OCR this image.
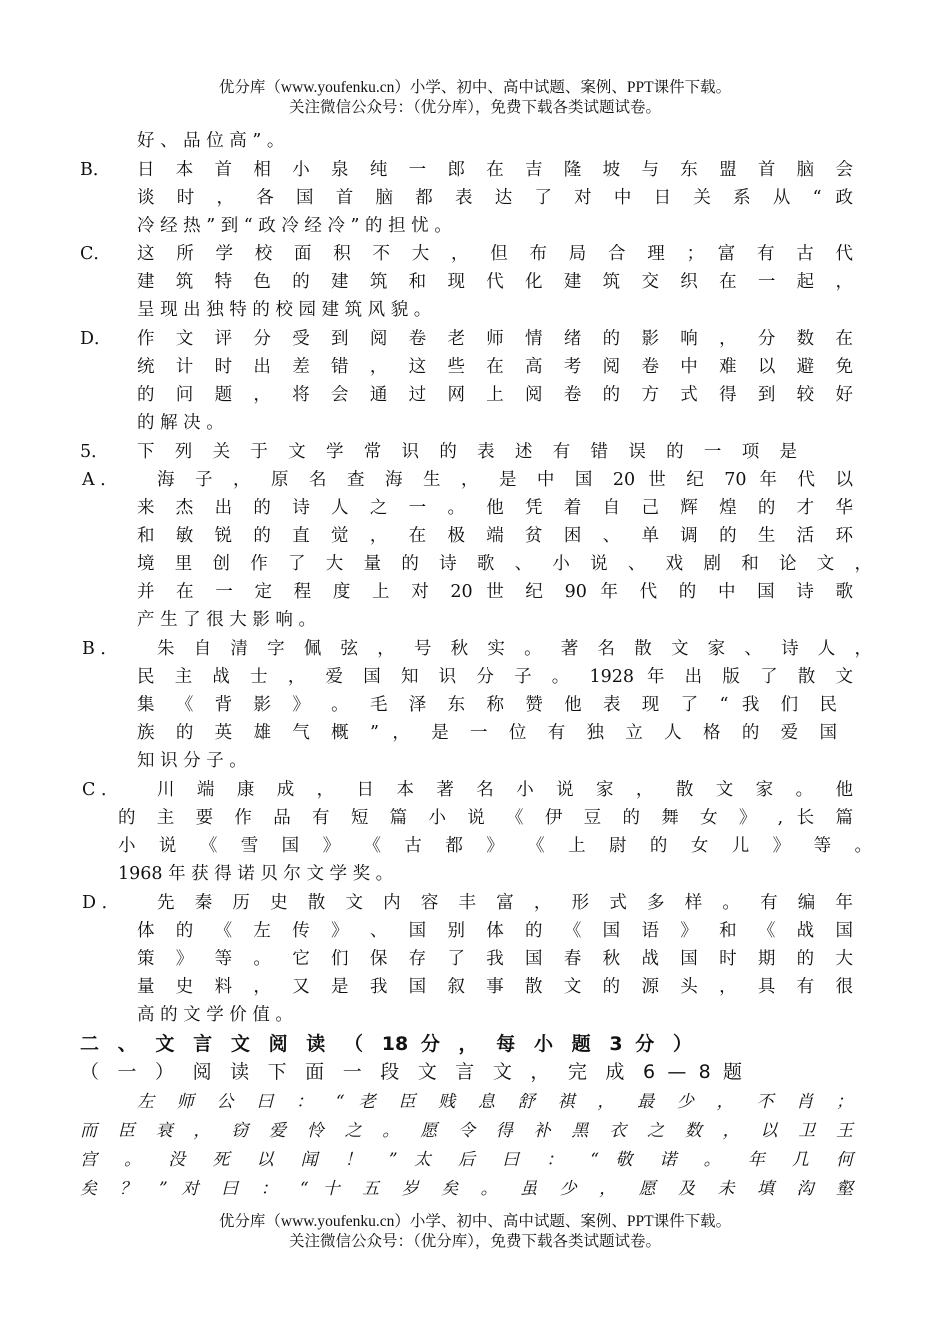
优分库（www.youfenku.cn）小学、初中、高中试题、案例、PPT课件下载。
关注微信公众号：（优分库），免费下载各类试题试卷。
好 、 品 位 高 ” 。
B． 日 本 首 相 小 泉 纯 一 郎 在 吉 隆 坡 与 东 盟 首 脑 会
谈 时 ， 各 国 首 脑 都 表 达 了 对 中 日 关 系 从 “ 政
冷 经 热 ” 到 “ 政 冷 经 冷 ” 的 担 忧 。
C． 这 所 学 校 面 积 不 大 ， 但 布 局 合 理 ； 富 有 古 代
建 筑 特 色 的 建 筑 和 现 代 化 建 筑 交 织 在 一 起 ，
呈 现 出 独 特 的 校 园 建 筑 风 貌 。
D． 作 文 评 分 受 到 阅 卷 老 师 情 绪 的 影 响 ， 分 数 在
统 计 时 出 差 错 ， 这 些 在 高 考 阅 卷 中 难 以 避 免
的 问 题 ， 将 会 通 过 网 上 阅 卷 的 方 式 得 到 较 好
的 解 决 。
5． 下 列 关 于 文 学 常 识 的 表 述 有 错 误 的 一 项 是
A ． 海 子 ， 原 名 查 海 生 ， 是 中 国 20 世 纪 70 年 代 以
来 杰 出 的 诗 人 之 一 。 他 凭 着 自 己 辉 煌 的 才 华
和 敏 锐 的 直 觉 ， 在 极 端 贫 困 、 单 调 的 生 活 环
境 里 创 作 了 大 量 的 诗 歌 、 小 说 、 戏 剧 和 论 文 ，
并 在 一 定 程 度 上 对 20 世 纪 90 年 代 的 中 国 诗 歌
产 生 了 很 大 影 响 。
B ． 朱 自 清 字 佩 弦 ， 号 秋 实 。 著 名 散 文 家 、 诗 人 ，
民 主 战 士 ， 爱 国 知 识 分 子 。 1928 年 出 版 了 散 文
集 《 背 影 》 。 毛 泽 东 称 赞 他 表 现 了 “ 我 们 民
族 的 英 雄 气 概 ” ， 是 一 位 有 独 立 人 格 的 爱 国
知 识 分 子 。
C ． 川 端 康 成 ， 日 本 著 名 小 说 家 ， 散 文 家 。 他
的 主 要 作 品 有 短 篇 小 说 《 伊 豆 的 舞 女 》 , 长 篇
小 说 《 雪 国 》 《 古 都 》 《 上 尉 的 女 儿 》 等 。
1968 年 获 得 诺 贝 尔 文 学 奖 。
D ． 先 秦 历 史 散 文 内 容 丰 富 ， 形 式 多 样 。 有 编 年
体 的 《 左 传 》 、 国 别 体 的 《 国 语 》 和 《 战 国
策 》 等 。 它 们 保 存 了 我 国 春 秋 战 国 时 期 的 大
量 史 料 ， 又 是 我 国 叙 事 散 文 的 源 头 ， 具 有 很
高 的 文 学 价 值 。
二 、 文 言 文 阅 读 （ 18 分 ， 每 小 题 3 分 ）
（ 一 ） 阅 读 下 面 一 段 文 言 文 ， 完 成 6 — 8 题
左 师 公 曰 ： “ 老 臣 贱 息 舒 祺 ， 最 少 ， 不 肖 ；
而 臣 衰 ， 窃 爱 怜 之 。 愿 令 得 补 黑 衣 之 数 ， 以 卫 王
宫 。 没 死 以 闻 ！ ” 太 后 曰 ： “ 敬 诺 。 年 几 何
矣 ？ ” 对 曰 ： “ 十 五 岁 矣 。 虽 少 ， 愿 及 未 填 沟 壑
优分库（www.youfenku.cn）小学、初中、高中试题、案例、PPT课件下载。
关注微信公众号：（优分库），免费下载各类试题试卷。
